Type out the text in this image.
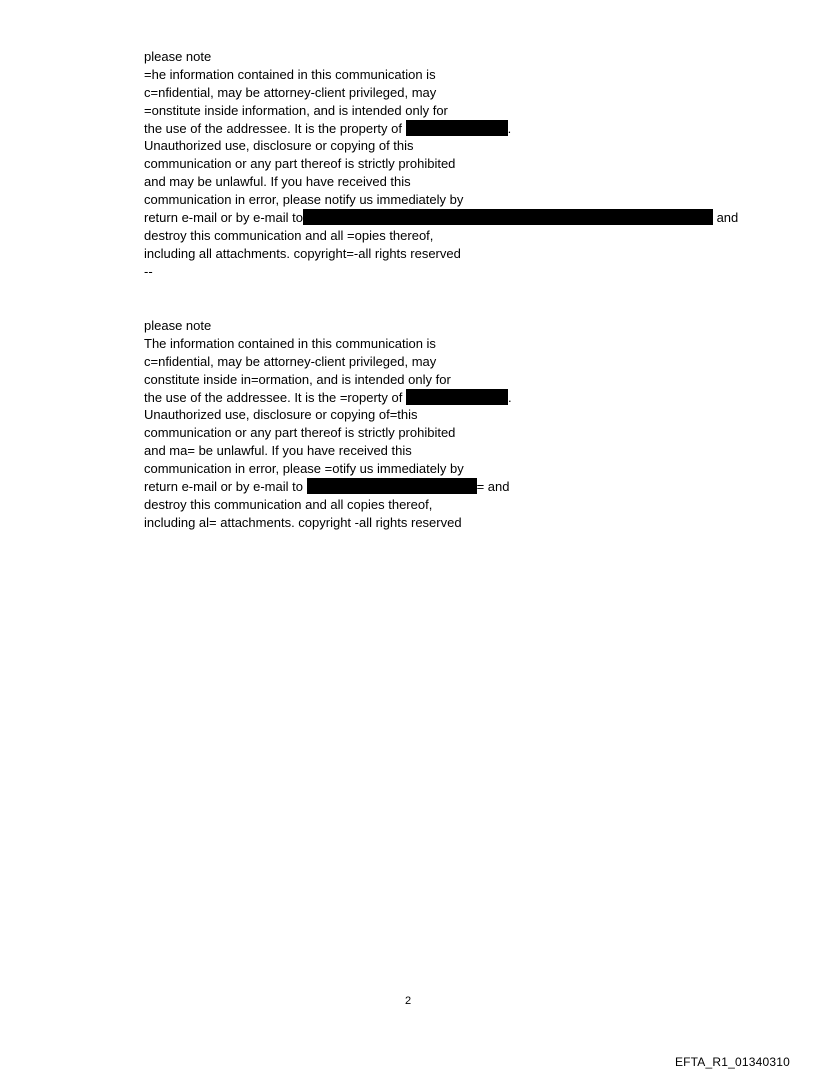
please note
=he information contained in this communication is
c=nfidential, may be attorney-client privileged, may
=onstitute inside information, and is intended only for
the use of the addressee. It is the property of	.
Unauthorized use, disclosure or copying of this
communication or any part thereof is strictly prohibited
and may be unlawful. If you have received this
communication in error, please notify us immediately by
return e-mail or by e-mail to	and
destroy this communication and all =opies thereof,
including all attachments. copyright=-all rights reserved
--
please note
The information contained in this communication is
c=nfidential, may be attorney-client privileged, may
constitute inside in=ormation, and is intended only for
the use of the addressee. It is the =roperty of	.
Unauthorized use, disclosure or copying of=this
communication or any part thereof is strictly prohibited
and ma= be unlawful. If you have received this
communication in error, please =otify us immediately by
return e-mail or by e-mail to	= and
destroy this communication and all copies thereof,
including al= attachments. copyright -all rights reserved
2
EFTA_R1_01340310
